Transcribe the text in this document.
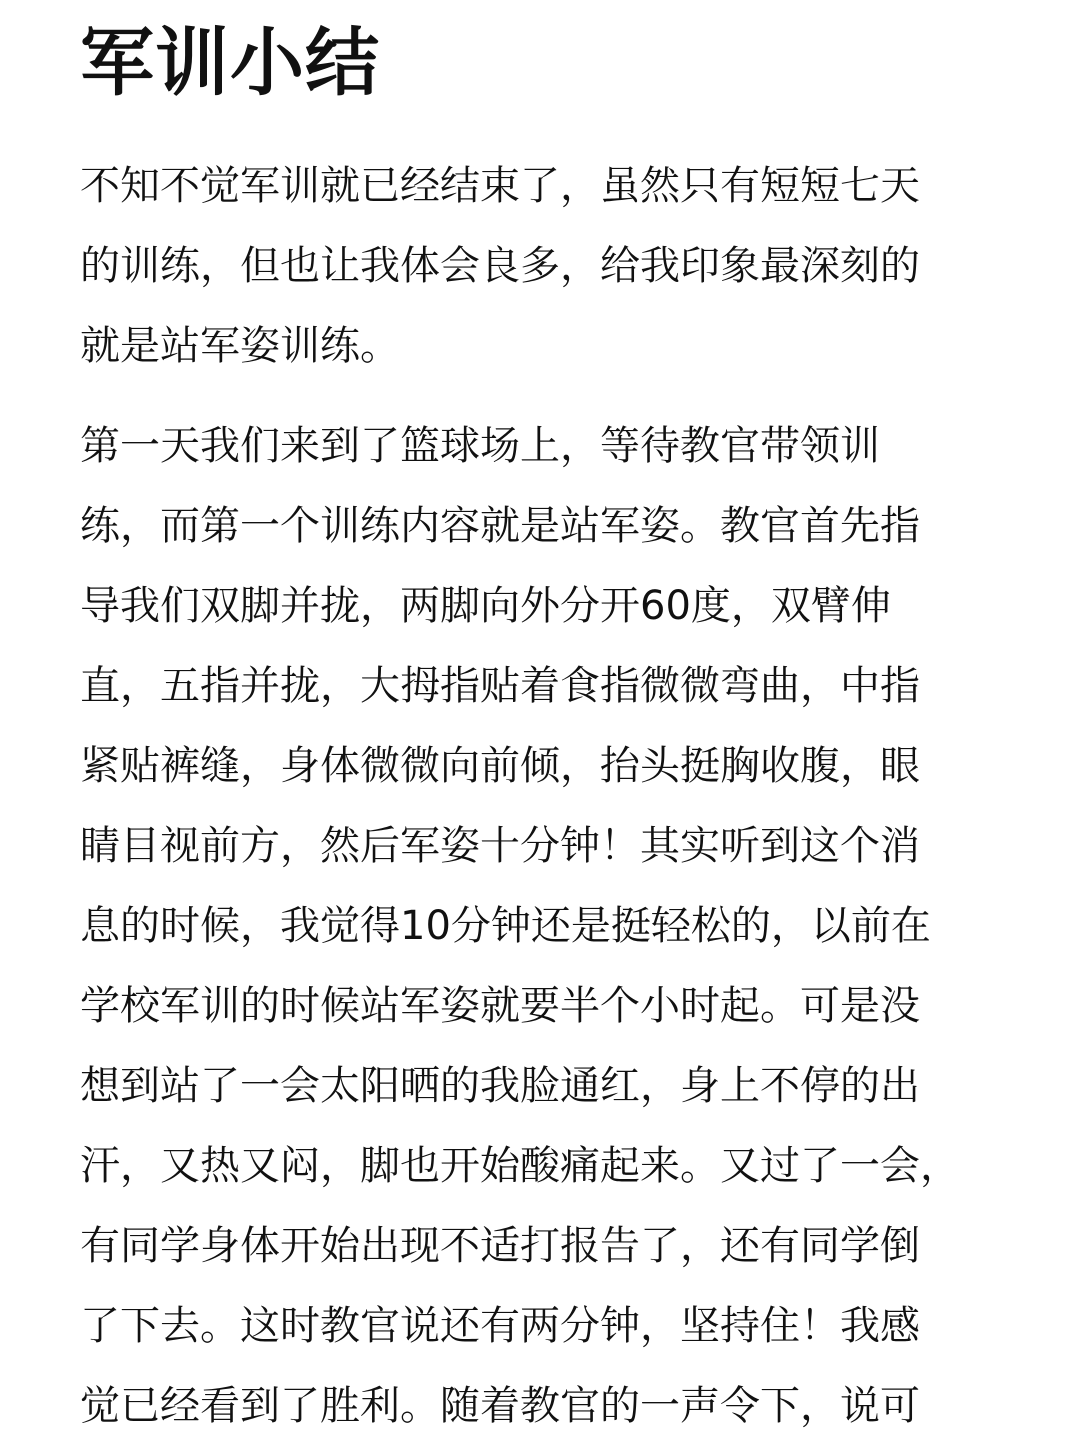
军训小结
不知不觉军训就已经结束了，虽然只有短短七天
的训练，但也让我体会良多，给我印象最深刻的
就是站军姿训练。
第一天我们来到了篮球场上，等待教官带领训
练，而第一个训练内容就是站军姿。教官首先指
导我们双脚并拢，两脚向外分开60度，双臂伸
直，五指并拢，大拇指贴着食指微微弯曲，中指
紧贴裤缝，身体微微向前倾，抬头挺胸收腹，眼
睛目视前方，然后军姿十分钟！其实听到这个消
息的时候，我觉得10分钟还是挺轻松的，以前在
学校军训的时候站军姿就要半个小时起。可是没
想到站了一会太阳晒的我脸通红，身上不停的出
汗，又热又闷，脚也开始酸痛起来。又过了一会，
有同学身体开始出现不适打报告了，还有同学倒
了下去。这时教官说还有两分钟，坚持住！我感
觉已经看到了胜利。随着教官的一声令下，说可
